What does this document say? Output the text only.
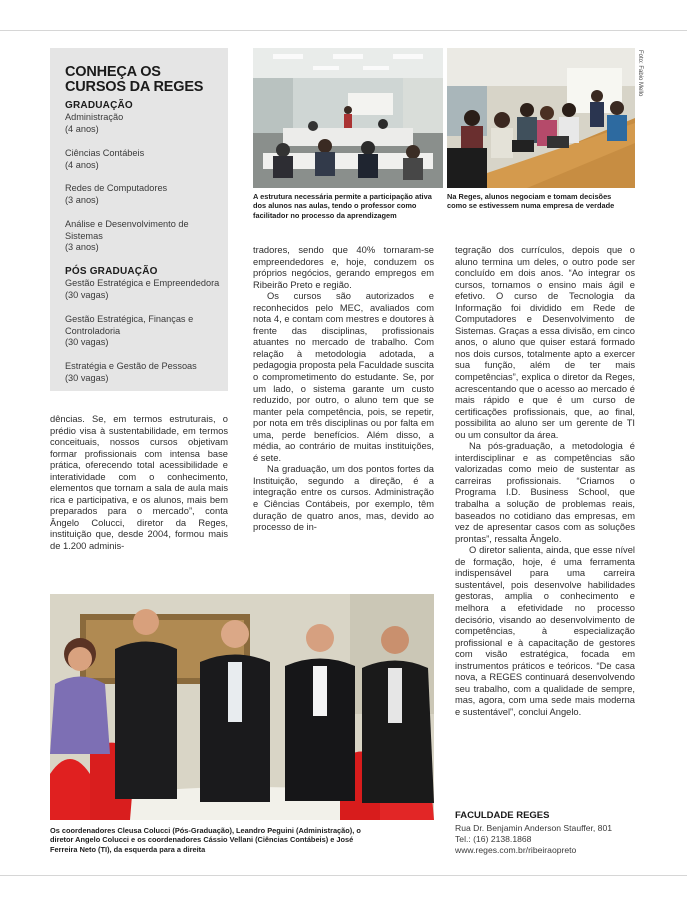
CONHEÇA OS CURSOS DA REGES
GRADUAÇÃO
Administração
(4 anos)
Ciências Contábeis
(4 anos)
Redes de Computadores
(3 anos)
Análise e Desenvolvimento de Sistemas
(3 anos)
PÓS GRADUAÇÃO
Gestão Estratégica e Empreendedora
(30 vagas)
Gestão Estratégica, Finanças e Controladoria
(30 vagas)
Estratégia e Gestão de Pessoas
(30 vagas)
Foto: Fabio Mello
A estrutura necessária permite a participação ativa dos alunos nas aulas, tendo o professor como facilitador no processo da aprendizagem
Na Reges, alunos negociam e tomam decisões como se estivessem numa empresa de verdade

dências. Se, em termos estruturais, o prédio visa à sustentabilidade, em termos conceituais, nossos cursos objetivam formar profissionais com intensa base prática, oferecendo total acessibilidade e interatividade com o conhecimento, elementos que tornam a sala de aula mais rica e participativa, e os alunos, mais bem preparados para o mercado”, conta Ângelo Colucci, diretor da Reges, instituição que, desde 2004, formou mais de 1.200 adminis-

tradores, sendo que 40% tornaram-se empreendedores e, hoje, conduzem os próprios negócios, gerando empregos em Ribeirão Preto e região.

Os cursos são autorizados e reconhecidos pelo MEC, avaliados com nota 4, e contam com mestres e doutores à frente das disciplinas, profissionais atuantes no mercado de trabalho. Com relação à metodologia adotada, a pedagogia proposta pela Faculdade suscita o comprometimento do estudante. Se, por um lado, o sistema garante um custo reduzido, por outro, o aluno tem que se manter pela competência, pois, se repetir, por nota em três disciplinas ou por falta em uma, perde benefícios. Além disso, a média, ao contrário de muitas instituições, é sete.

Na graduação, um dos pontos fortes da Instituição, segundo a direção, é a integração entre os cursos. Administração e Ciências Contábeis, por exemplo, têm duração de quatro anos, mas, devido ao processo de in-

tegração dos currículos, depois que o aluno termina um deles, o outro pode ser concluído em dois anos. “Ao integrar os cursos, tornamos o ensino mais ágil e efetivo. O curso de Tecnologia da Informação foi dividido em Rede de Computadores e Desenvolvimento de Sistemas. Graças a essa divisão, em cinco anos, o aluno que quiser estará formado nos dois cursos, totalmente apto a exercer sua função, além de ter mais competências”, explica o diretor da Reges, acrescentando que o acesso ao mercado é mais rápido e que é um curso de certificações profissionais, que, ao final, possibilita ao aluno ser um gerente de TI ou um consultor da área.

Na pós-graduação, a metodologia é interdisciplinar e as competências são valorizadas como meio de sustentar as carreiras profissionais. “Criamos o Programa I.D. Business School, que trabalha a solução de problemas reais, baseados no cotidiano das empresas, em vez de apresentar casos com as soluções prontas”, ressalta Ângelo.

O diretor salienta, ainda, que esse nível de formação, hoje, é uma ferramenta indispensável para uma carreira sustentável, pois desenvolve habilidades gestoras, amplia o conhecimento e melhora a efetividade no processo decisório, visando ao desenvolvimento de competências, à especialização profissional e à capacitação de gestores com visão estratégica, focada em instrumentos práticos e teóricos. “De casa nova, a REGES continuará desenvolvendo seu trabalho, com a qualidade de sempre, mas, agora, com uma sede mais moderna e sustentável”, conclui Angelo.

Os coordenadores Cleusa Colucci (Pós-Graduação), Leandro Peguini (Administração), o diretor Angelo Colucci e os coordenadores Cássio Vellani (Ciências Contábeis) e José Ferreira Neto (TI), da esquerda para a direita
FACULDADE REGES
Rua Dr. Benjamin Anderson Stauffer, 801
Tel.: (16) 2138.1868
www.reges.com.br/ribeiraopreto
